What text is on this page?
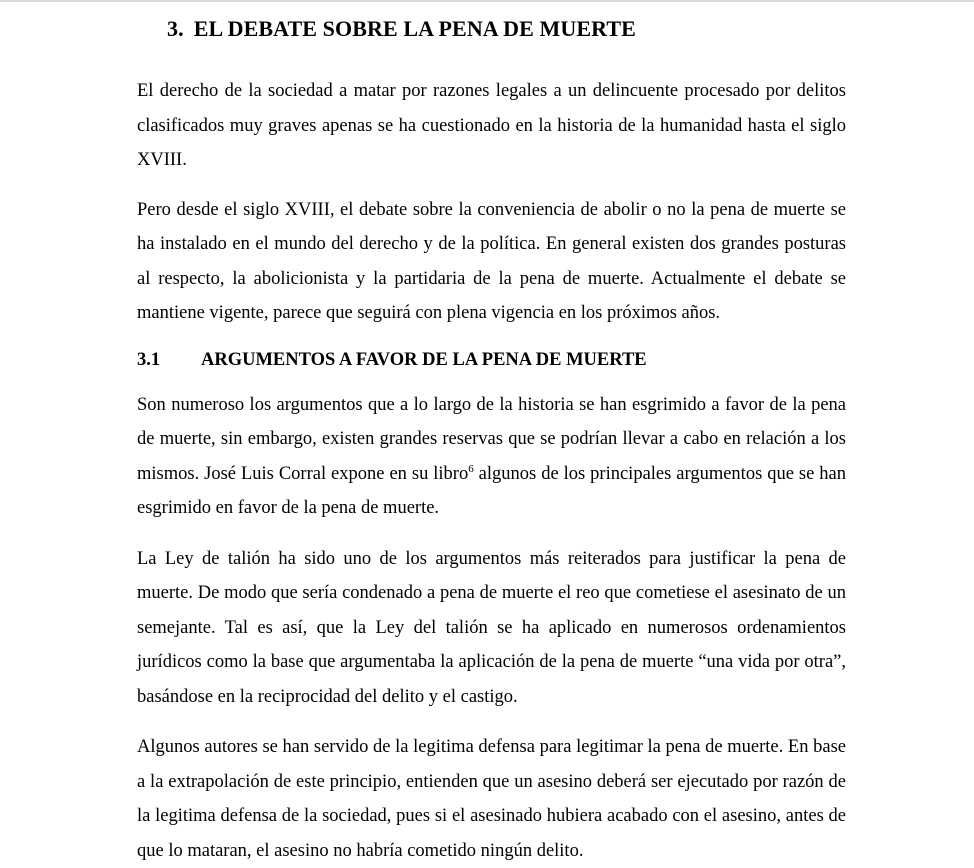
3. EL DEBATE SOBRE LA PENA DE MUERTE

El derecho de la sociedad a matar por razones legales a un delincuente procesado por delitos clasificados muy graves apenas se ha cuestionado en la historia de la humanidad hasta el siglo XVIII.

Pero desde el siglo XVIII, el debate sobre la conveniencia de abolir o no la pena de muerte se ha instalado en el mundo del derecho y de la política. En general existen dos grandes posturas al respecto, la abolicionista y la partidaria de la pena de muerte. Actualmente el debate se mantiene vigente, parece que seguirá con plena vigencia en los próximos años.

3.1 ARGUMENTOS A FAVOR DE LA PENA DE MUERTE

Son numeroso los argumentos que a lo largo de la historia se han esgrimido a favor de la pena de muerte, sin embargo, existen grandes reservas que se podrían llevar a cabo en relación a los mismos. José Luis Corral expone en su libro$^6$ algunos de los principales argumentos que se han esgrimido en favor de la pena de muerte.

La Ley de talión ha sido uno de los argumentos más reiterados para justificar la pena de muerte. De modo que sería condenado a pena de muerte el reo que cometiese el asesinato de un semejante. Tal es así, que la Ley del talión se ha aplicado en numerosos ordenamientos jurídicos como la base que argumentaba la aplicación de la pena de muerte “una vida por otra”, basándose en la reciprocidad del delito y el castigo.

Algunos autores se han servido de la legitima defensa para legitimar la pena de muerte. En base a la extrapolación de este principio, entienden que un asesino deberá ser ejecutado por razón de la legitima defensa de la sociedad, pues si el asesinado hubiera acabado con el asesino, antes de que lo mataran, el asesino no habría cometido ningún delito.
